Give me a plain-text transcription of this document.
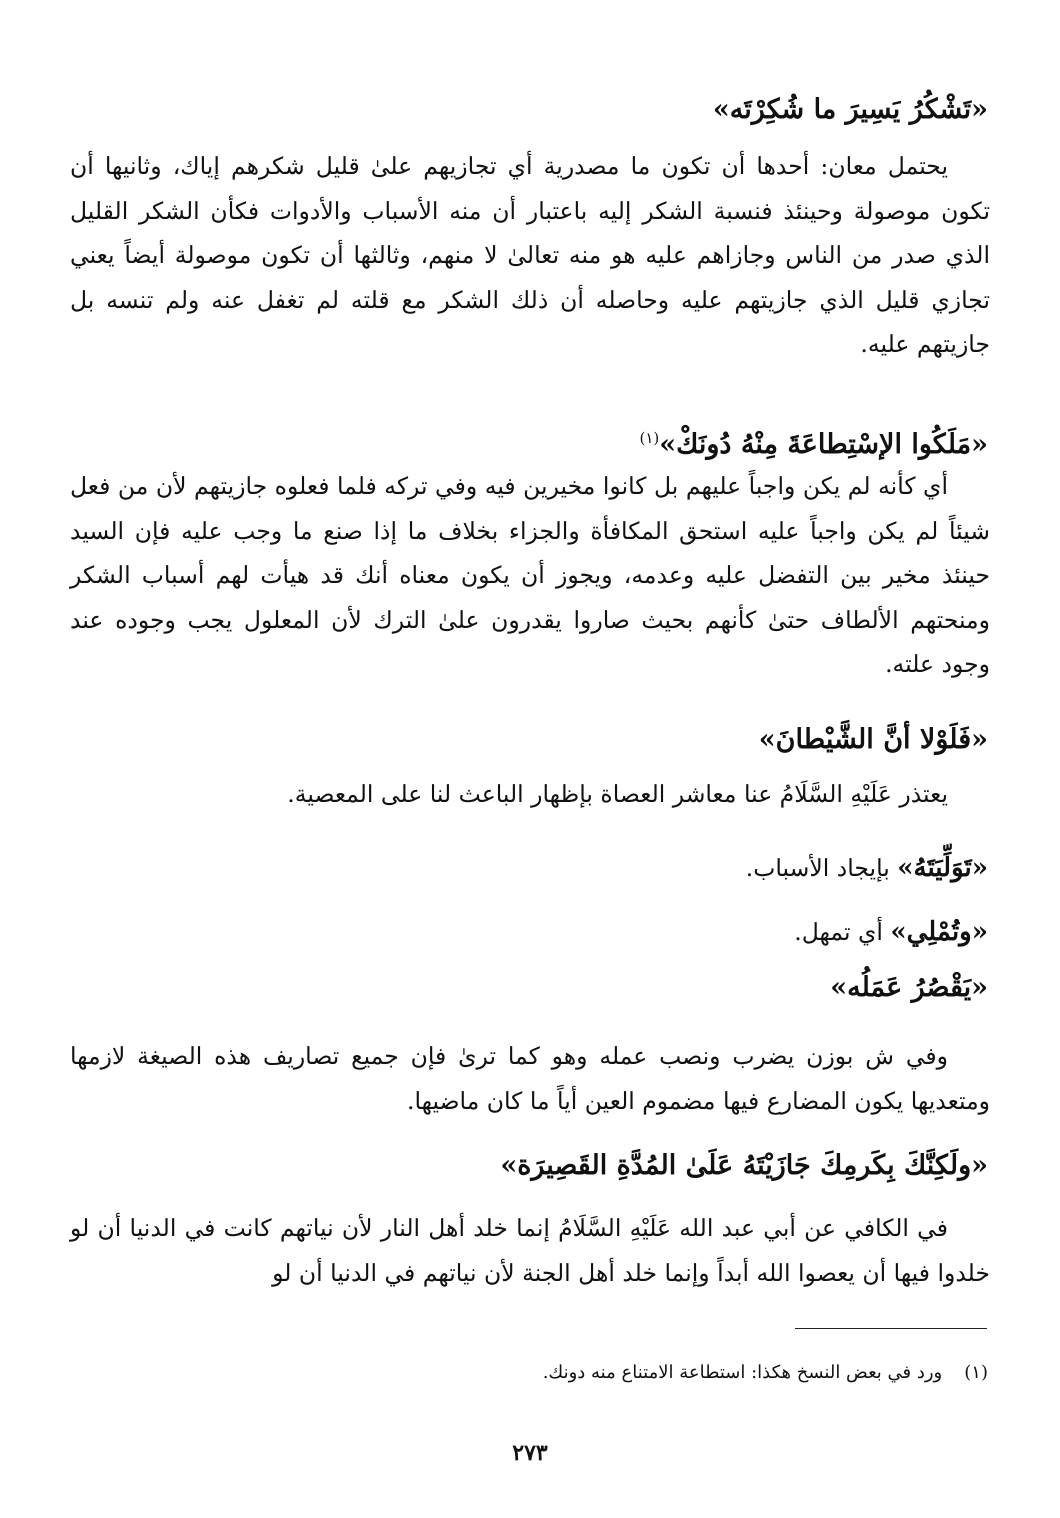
«تَشْكُرُ يَسِيرَ ما شُكِرْتَه»

يحتمل معان: أحدها أن تكون ما مصدرية أي تجازيهم علىٰ قليل شكرهم إياك، وثانيها أن تكون موصولة وحينئذ فنسبة الشكر إليه باعتبار أن منه الأسباب والأدوات فكأن الشكر القليل الذي صدر من الناس وجازاهم عليه هو منه تعالىٰ لا منهم، وثالثها أن تكون موصولة أيضاً يعني تجازي قليل الذي جازيتهم عليه وحاصله أن ذلك الشكر مع قلته لم تغفل عنه ولم تنسه بل جازيتهم عليه.

«مَلَكُوا الإسْتِطاعَةَ مِنْهُ دُونَكْ»$^{(١)}$

أي كأنه لم يكن واجباً عليهم بل كانوا مخيرين فيه وفي تركه فلما فعلوه جازيتهم لأن من فعل شيئاً لم يكن واجباً عليه استحق المكافأة والجزاء بخلاف ما إذا صنع ما وجب عليه فإن السيد حينئذ مخير بين التفضل عليه وعدمه، ويجوز أن يكون معناه أنك قد هيأت لهم أسباب الشكر ومنحتهم الألطاف حتىٰ كأنهم بحيث صاروا يقدرون علىٰ الترك لأن المعلول يجب وجوده عند وجود علته.

«فَلَوْلا أنَّ الشَّيْطانَ»

يعتذر عَلَيْهِ السَّلَامُ عنا معاشر العصاة بإظهار الباعث لنا على المعصية.

«تَوَلِّيَتَهُ» بإيجاد الأسباب.
«وتُمْلِي» أي تمهل.
«يَقْصُرُ عَمَلُه»

وفي ش بوزن يضرب ونصب عمله وهو كما ترىٰ فإن جميع تصاريف هذه الصيغة لازمها ومتعديها يكون المضارع فيها مضموم العين أياً ما كان ماضيها.

«ولَكِنَّكَ بِكَرمِكَ جَازَيْتَهُ عَلَىٰ المُدَّةِ القَصِيرَة»

في الكافي عن أبي عبد الله عَلَيْهِ السَّلَامُ إنما خلد أهل النار لأن نياتهم كانت في الدنيا أن لو خلدوا فيها أن يعصوا الله أبداً وإنما خلد أهل الجنة لأن نياتهم في الدنيا أن لو

(١)ورد في بعض النسخ هكذا: استطاعة الامتناع منه دونك.
٢٧٣
